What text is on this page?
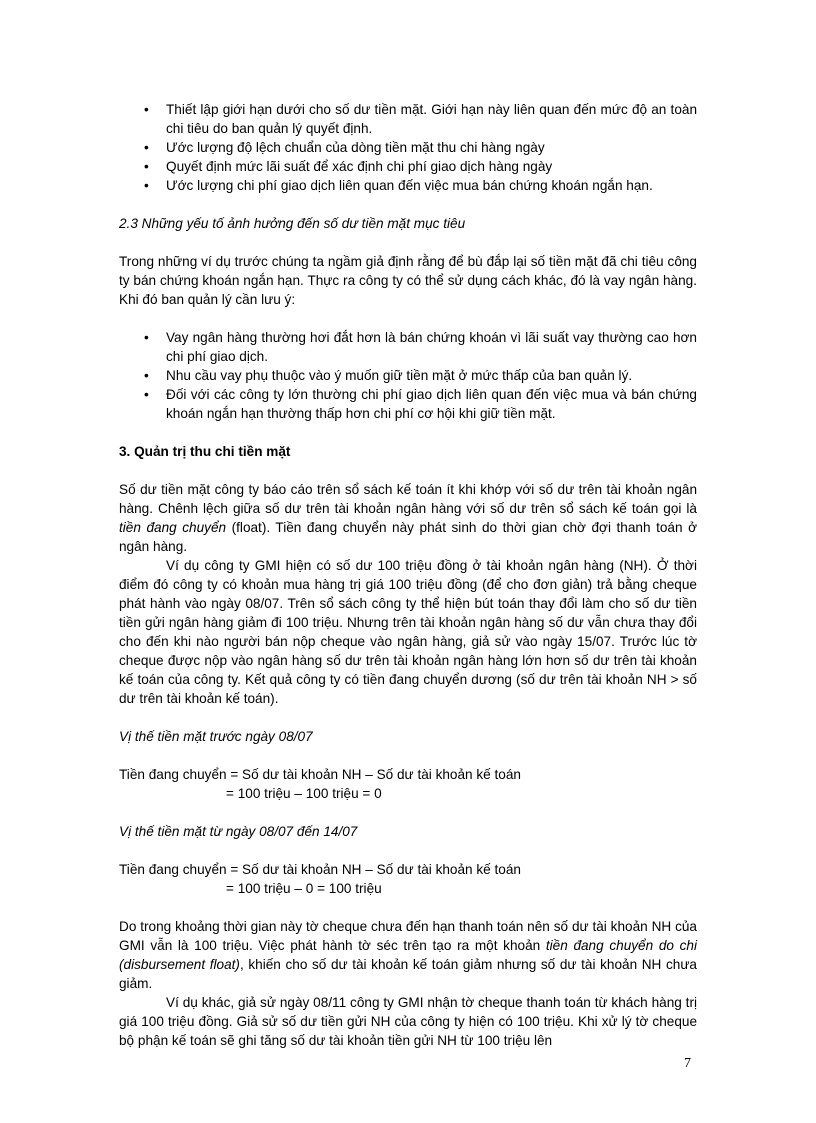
• Thiết lập giới hạn dưới cho số dư tiền mặt. Giới hạn này liên quan đến mức độ an toàn chi tiêu do ban quản lý quyết định.
• Ước lượng độ lệch chuẩn của dòng tiền mặt thu chi hàng ngày
• Quyết định mức lãi suất để xác định chi phí giao dịch hàng ngày
• Ước lượng chi phí giao dịch liên quan đến việc mua bán chứng khoán ngắn hạn.

2.3 Những yếu tố ảnh hưởng đến số dư tiền mặt mục tiêu

Trong những ví dụ trước chúng ta ngầm giả định rằng để bù đắp lại số tiền mặt đã chi tiêu công ty bán chứng khoán ngắn hạn. Thực ra công ty có thể sử dụng cách khác, đó là vay ngân hàng. Khi đó ban quản lý cần lưu ý:

• Vay ngân hàng thường hơi đắt hơn là bán chứng khoán vì lãi suất vay thường cao hơn chi phí giao dịch.
• Nhu cầu vay phụ thuộc vào ý muốn giữ tiền mặt ở mức thấp của ban quản lý.
• Đối với các công ty lớn thường chi phí giao dịch liên quan đến việc mua và bán chứng khoán ngắn hạn thường thấp hơn chi phí cơ hội khi giữ tiền mặt.

3. Quản trị thu chi tiền mặt

Số dư tiền mặt công ty báo cáo trên sổ sách kế toán ít khi khớp với số dư trên tài khoản ngân hàng. Chênh lệch giữa số dư trên tài khoản ngân hàng với số dư trên sổ sách kế toán gọi là tiền đang chuyển (float). Tiền đang chuyển này phát sinh do thời gian chờ đợi thanh toán ở ngân hàng.

Ví dụ công ty GMI hiện có số dư 100 triệu đồng ở tài khoản ngân hàng (NH). Ở thời điểm đó công ty có khoản mua hàng trị giá 100 triệu đồng (để cho đơn giản) trả bằng cheque phát hành vào ngày 08/07. Trên sổ sách công ty thể hiện bút toán thay đổi làm cho số dư tiền tiền gửi ngân hàng giảm đi 100 triệu. Nhưng trên tài khoản ngân hàng số dư vẫn chưa thay đổi cho đến khi nào người bán nộp cheque vào ngân hàng, giả sử vào ngày 15/07. Trước lúc tờ cheque được nộp vào ngân hàng số dư trên tài khoản ngân hàng lớn hơn số dư trên tài khoản kế toán của công ty. Kết quả công ty có tiền đang chuyển dương (số dư trên tài khoản NH > số dư trên tài khoản kế toán).

Vị thế tiền mặt trước ngày 08/07

Tiền đang chuyển = Số dư tài khoản NH – Số dư tài khoản kế toán

= 100 triệu – 100 triệu = 0

Vị thế tiền mặt từ ngày 08/07 đến 14/07

Tiền đang chuyển = Số dư tài khoản NH – Số dư tài khoản kế toán

= 100 triệu – 0 = 100 triệu

Do trong khoảng thời gian này tờ cheque chưa đến hạn thanh toán nên số dư tài khoản NH của GMI vẫn là 100 triệu. Việc phát hành tờ séc trên tạo ra một khoản tiền đang chuyển do chi (disbursement float), khiến cho số dư tài khoản kế toán giảm nhưng số dư tài khoản NH chưa giảm.

Ví dụ khác, giả sử ngày 08/11 công ty GMI nhận tờ cheque thanh toán từ khách hàng trị giá 100 triệu đồng. Giả sử số dư tiền gửi NH của công ty hiện có 100 triệu. Khi xử lý tờ cheque bộ phận kế toán sẽ ghi tăng số dư tài khoản tiền gửi NH từ 100 triệu lên

7
